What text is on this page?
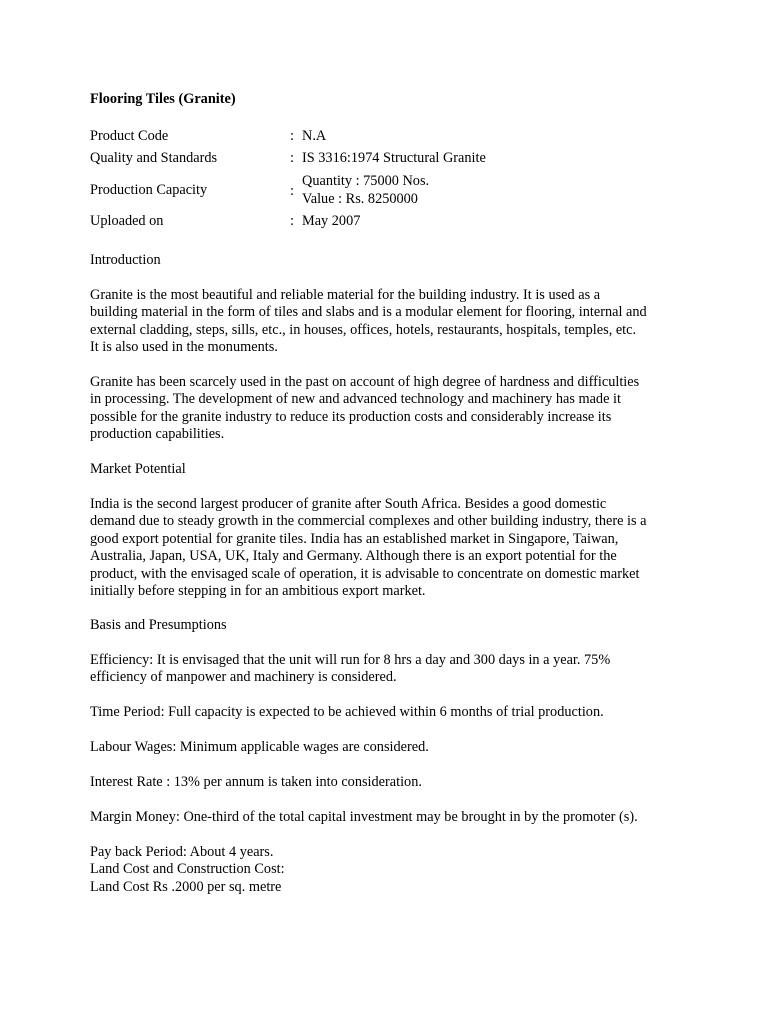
Flooring Tiles (Granite)
Product Code	: N.A
Quality and Standards	: IS 3316:1974 Structural Granite
Production Capacity	:
Quantity : 75000 Nos.
Value : Rs. 8250000
Uploaded on	: May 2007
Introduction
Granite is the most beautiful and reliable material for the building industry. It is used as a
building material in the form of tiles and slabs and is a modular element for flooring, internal and
external cladding, steps, sills, etc., in houses, offices, hotels, restaurants, hospitals, temples, etc.
It is also used in the monuments.
Granite has been scarcely used in the past on account of high degree of hardness and difficulties
in processing. The development of new and advanced technology and machinery has made it
possible for the granite industry to reduce its production costs and considerably increase its
production capabilities.
Market Potential
India is the second largest producer of granite after South Africa. Besides a good domestic
demand due to steady growth in the commercial complexes and other building industry, there is a
good export potential for granite tiles. India has an established market in Singapore, Taiwan,
Australia, Japan, USA, UK, Italy and Germany. Although there is an export potential for the
product, with the envisaged scale of operation, it is advisable to concentrate on domestic market
initially before stepping in for an ambitious export market.
Basis and Presumptions
Efficiency: It is envisaged that the unit will run for 8 hrs a day and 300 days in a year. 75%
efficiency of manpower and machinery is considered.
Time Period: Full capacity is expected to be achieved within 6 months of trial production.
Labour Wages: Minimum applicable wages are considered.
Interest Rate : 13% per annum is taken into consideration.
Margin Money: One-third of the total capital investment may be brought in by the promoter (s).
Pay back Period: About 4 years.
Land Cost and Construction Cost:
Land Cost Rs .2000 per sq. metre
